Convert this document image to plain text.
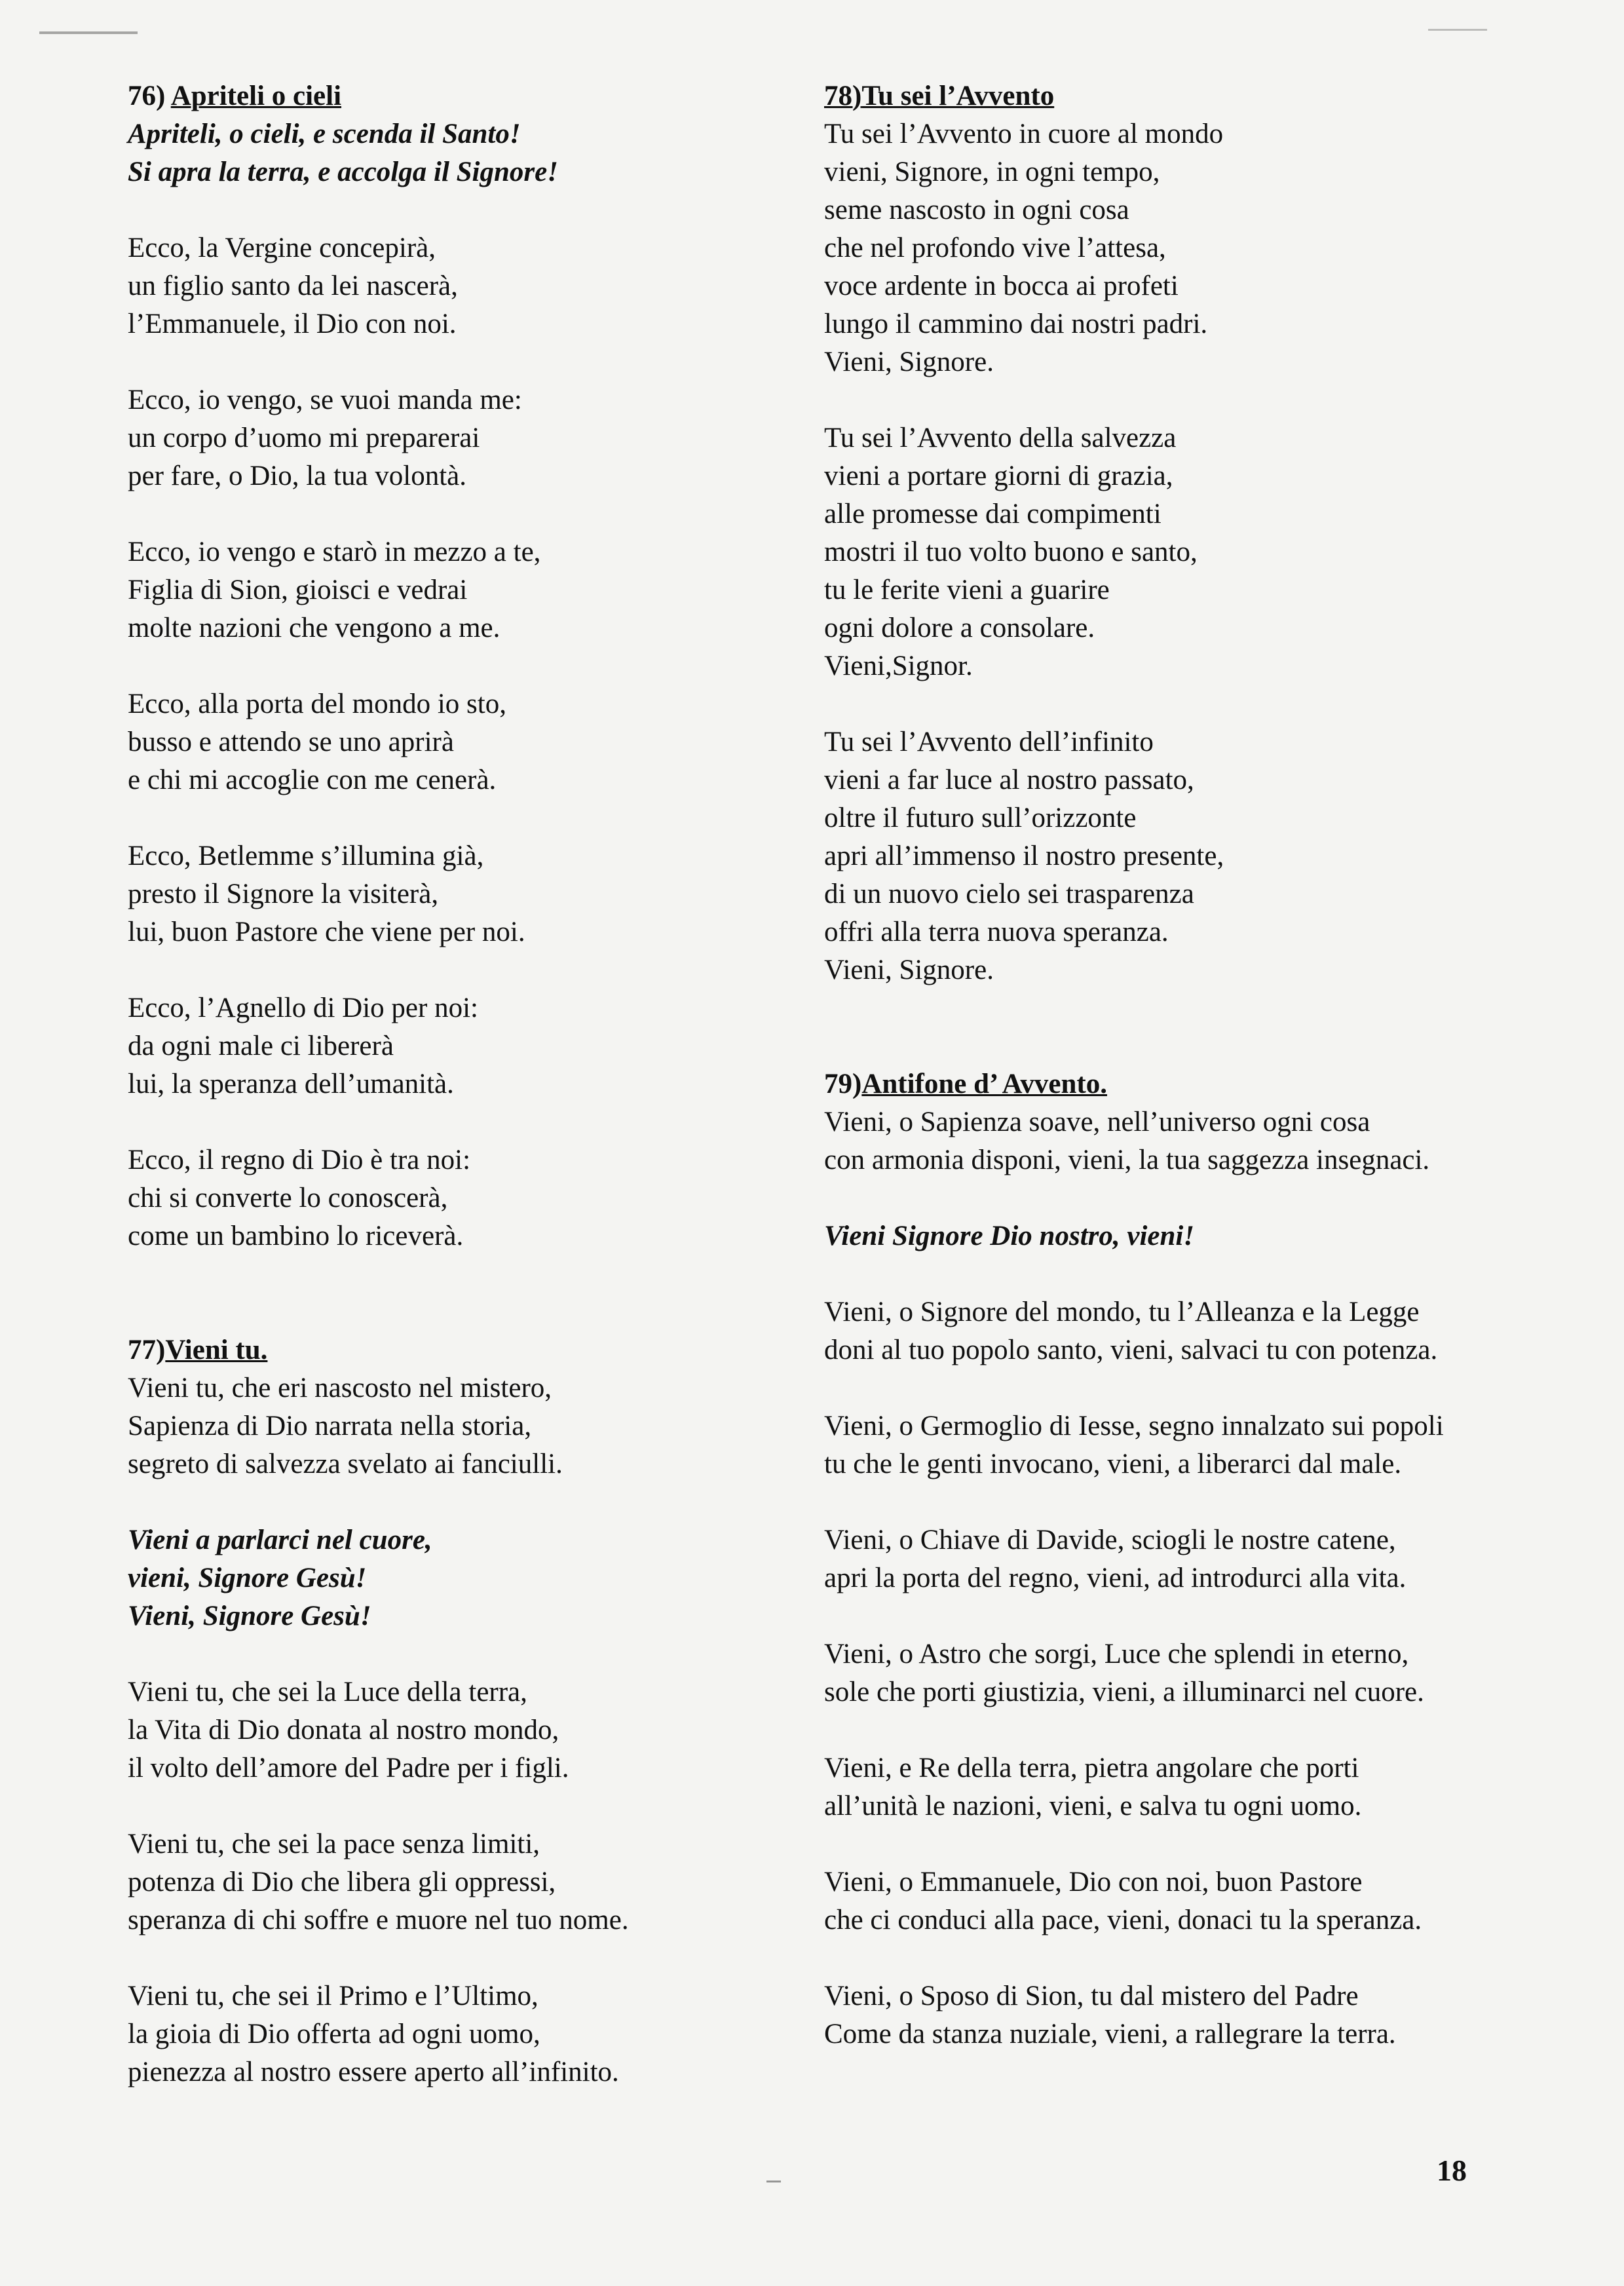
76) Apriteli o cieli
Apriteli, o cieli, e scenda il Santo!
Si apra la terra, e accolga il Signore!
Ecco, la Vergine concepirà,
un figlio santo da lei nascerà,
l’Emmanuele, il Dio con noi.
Ecco, io vengo, se vuoi manda me:
un corpo d’uomo mi preparerai
per fare, o Dio, la tua volontà.
Ecco, io vengo e starò in mezzo a te,
Figlia di Sion, gioisci e vedrai
molte nazioni che vengono a me.
Ecco, alla porta del mondo io sto,
busso e attendo se uno aprirà
e chi mi accoglie con me cenerà.
Ecco, Betlemme s’illumina già,
presto il Signore la visiterà,
lui, buon Pastore che viene per noi.
Ecco, l’Agnello di Dio per noi:
da ogni male ci libererà
lui, la speranza dell’umanità.
Ecco, il regno di Dio è tra noi:
chi si converte lo conoscerà,
come un bambino lo riceverà.
77)Vieni tu.
Vieni tu, che eri nascosto nel mistero,
Sapienza di Dio narrata nella storia,
segreto di salvezza svelato ai fanciulli.
Vieni a parlarci nel cuore,
vieni, Signore Gesù!
Vieni, Signore Gesù!
Vieni tu, che sei la Luce della terra,
la Vita di Dio donata al nostro mondo,
il volto dell’amore del Padre per i figli.
Vieni tu, che sei la pace senza limiti,
potenza di Dio che libera gli oppressi,
speranza di chi soffre e muore nel tuo nome.
Vieni tu, che sei il Primo e l’Ultimo,
la gioia di Dio offerta ad ogni uomo,
pienezza al nostro essere aperto all’infinito.
78)Tu sei l’Avvento
Tu sei l’Avvento in cuore al mondo
vieni, Signore, in ogni tempo,
seme nascosto in ogni cosa
che nel profondo vive l’attesa,
voce ardente in bocca ai profeti
lungo il cammino dai nostri padri.
Vieni, Signore.
Tu sei l’Avvento della salvezza
vieni a portare giorni di grazia,
alle promesse dai compimenti
mostri il tuo volto buono e santo,
tu le ferite vieni a guarire
ogni dolore a consolare.
Vieni,Signor.
Tu sei l’Avvento dell’infinito
vieni a far luce al nostro passato,
oltre il futuro sull’orizzonte
apri all’immenso il nostro presente,
di un nuovo cielo sei trasparenza
offri alla terra nuova speranza.
Vieni, Signore.
79)Antifone d’ Avvento.
Vieni, o Sapienza soave, nell’universo ogni cosa
con armonia disponi, vieni, la tua saggezza insegnaci.
Vieni Signore Dio nostro, vieni!
Vieni, o Signore del mondo, tu l’Alleanza e la Legge
doni al tuo popolo santo, vieni, salvaci tu con potenza.
Vieni, o Germoglio di Iesse, segno innalzato sui popoli
tu che le genti invocano, vieni, a liberarci dal male.
Vieni, o Chiave di Davide, sciogli le nostre catene,
apri la porta del regno, vieni, ad introdurci alla vita.
Vieni, o Astro che sorgi, Luce che splendi in eterno,
sole che porti giustizia, vieni, a illuminarci nel cuore.
Vieni, e Re della terra, pietra angolare che porti
all’unità le nazioni, vieni, e salva tu ogni uomo.
Vieni, o Emmanuele, Dio con noi, buon Pastore
che ci conduci alla pace, vieni, donaci tu la speranza.
Vieni, o Sposo di Sion, tu dal mistero del Padre
Come da stanza nuziale, vieni, a rallegrare la terra.
18
